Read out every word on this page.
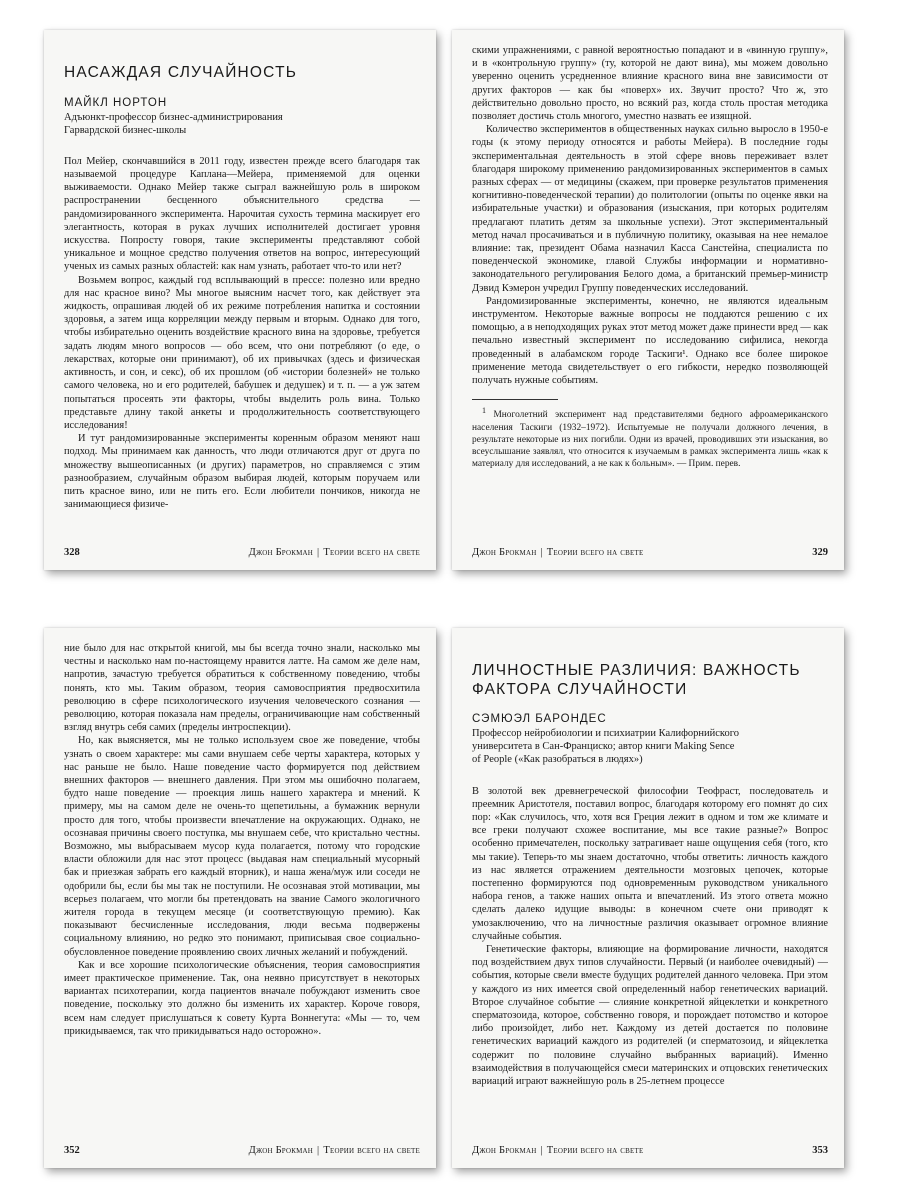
НАСАЖДАЯ СЛУЧАЙНОСТЬ
МАЙКЛ НОРТОН
Адъюнкт-профессор бизнес-администрирования
Гарвардской бизнес-школы

Пол Мейер, скончавшийся в 2011 году, известен прежде всего благодаря так называемой процедуре Каплана—Мейера, применяемой для оценки выживаемости. Однако Мейер также сыграл важнейшую роль в широком распространении бесценного объяснительного средства — рандомизированного эксперимента. Нарочитая сухость термина маскирует его элегантность, которая в руках лучших исполнителей достигает уровня искусства. Попросту говоря, такие эксперименты представляют собой уникальное и мощное средство получения ответов на вопрос, интересующий ученых из самых разных областей: как нам узнать, работает что-то или нет?

Возьмем вопрос, каждый год всплывающий в прессе: полезно или вредно для нас красное вино? Мы многое выясним насчет того, как действует эта жидкость, опрашивая людей об их режиме потребления напитка и состоянии здоровья, а затем ища корреляции между первым и вторым. Однако для того, чтобы избирательно оценить воздействие красного вина на здоровье, требуется задать людям много вопросов — обо всем, что они потребляют (о еде, о лекарствах, которые они принимают), об их привычках (здесь и физическая активность, и сон, и секс), об их прошлом (об «истории болезней» не только самого человека, но и его родителей, бабушек и дедушек) и т. п. — а уж затем попытаться просеять эти факторы, чтобы выделить роль вина. Только представьте длину такой анкеты и продолжительность соответствующего исследования!

И тут рандомизированные эксперименты коренным образом меняют наш подход. Мы принимаем как данность, что люди отличаются друг от друга по множеству вышеописанных (и других) параметров, но справляемся с этим разнообразием, случайным образом выбирая людей, которым поручаем или пить красное вино, или не пить его. Если любители пончиков, никогда не занимающиеся физиче-

328	Джон Брокман | Теории всего на свете

скими упражнениями, с равной вероятностью попадают и в «винную группу», и в «контрольную группу» (ту, которой не дают вина), мы можем довольно уверенно оценить усредненное влияние красного вина вне зависимости от других факторов — как бы «поверх» их. Звучит просто? Что ж, это действительно довольно просто, но всякий раз, когда столь простая методика позволяет достичь столь многого, уместно назвать ее изящной.

Количество экспериментов в общественных науках сильно выросло в 1950-е годы (к этому периоду относятся и работы Мейера). В последние годы экспериментальная деятельность в этой сфере вновь переживает взлет благодаря широкому применению рандомизированных экспериментов в самых разных сферах — от медицины (скажем, при проверке результатов применения когнитивно-поведенческой терапии) до политологии (опыты по оценке явки на избирательные участки) и образования (изыскания, при которых родителям предлагают платить детям за школьные успехи). Этот экспериментальный метод начал просачиваться и в публичную политику, оказывая на нее немалое влияние: так, президент Обама назначил Касса Санстейна, специалиста по поведенческой экономике, главой Службы информации и нормативно-законодательного регулирования Белого дома, а британский премьер-министр Дэвид Кэмерон учредил Группу поведенческих исследований.

Рандомизированные эксперименты, конечно, не являются идеальным инструментом. Некоторые важные вопросы не поддаются решению с их помощью, а в неподходящих руках этот метод может даже принести вред — как печально известный эксперимент по исследованию сифилиса, некогда проведенный в алабамском городе Таскиги¹. Однако все более широкое применение метода свидетельствует о его гибкости, нередко позволяющей получать нужные событиям.

1 Многолетний эксперимент над представителями бедного афроамериканского населения Таскиги (1932–1972). Испытуемые не получали должного лечения, в результате некоторые из них погибли. Одни из врачей, проводивших эти изыскания, во всеуслышание заявлял, что относится к изучаемым в рамках эксперимента лишь «как к материалу для исследований, а не как к больным». — Прим. перев.
Джон Брокман | Теории всего на свете	329

ние было для нас открытой книгой, мы бы всегда точно знали, насколько мы честны и насколько нам по-настоящему нравится латте. На самом же деле нам, напротив, зачастую требуется обратиться к собственному поведению, чтобы понять, кто мы. Таким образом, теория самовосприятия предвосхитила революцию в сфере психологического изучения человеческого сознания — революцию, которая показала нам пределы, ограничивающие нам собственный взгляд внутрь себя самих (пределы интроспекции).

Но, как выясняется, мы не только используем свое же поведение, чтобы узнать о своем характере: мы сами внушаем себе черты характера, которых у нас раньше не было. Наше поведение часто формируется под действием внешних факторов — внешнего давления. При этом мы ошибочно полагаем, будто наше поведение — проекция лишь нашего характера и мнений. К примеру, мы на самом деле не очень-то щепетильны, а бумажник вернули просто для того, чтобы произвести впечатление на окружающих. Однако, не осознавая причины своего поступка, мы внушаем себе, что кристально честны. Возможно, мы выбрасываем мусор куда полагается, потому что городские власти обложили для нас этот процесс (выдавая нам специальный мусорный бак и приезжая забрать его каждый вторник), и наша жена/муж или соседи не одобрили бы, если бы мы так не поступили. Не осознавая этой мотивации, мы всерьез полагаем, что могли бы претендовать на звание Самого экологичного жителя города в текущем месяце (и соответствующую премию). Как показывают бесчисленные исследования, люди весьма подвержены социальному влиянию, но редко это понимают, приписывая свое социально-обусловленное поведение проявлению своих личных желаний и побуждений.

Как и все хорошие психологические объяснения, теория самовосприятия имеет практическое применение. Так, она неявно присутствует в некоторых вариантах психотерапии, когда пациентов вначале побуждают изменить свое поведение, поскольку это должно бы изменить их характер. Короче говоря, всем нам следует прислушаться к совету Курта Воннегута: «Мы — то, чем прикидываемся, так что прикидываться надо осторожно».

352	Джон Брокман | Теории всего на свете
ЛИЧНОСТНЫЕ РАЗЛИЧИЯ: ВАЖНОСТЬ ФАКТОРА СЛУЧАЙНОСТИ
СЭМЮЭЛ БАРОНДЕС
Профессор нейробиологии и психиатрии Калифорнийского
университета в Сан-Франциско; автор книги Making Sence
of People («Как разобраться в людях»)

В золотой век древнегреческой философии Теофраст, последователь и преемник Аристотеля, поставил вопрос, благодаря которому его помнят до сих пор: «Как случилось, что, хотя вся Греция лежит в одном и том же климате и все греки получают схожее воспитание, мы все такие разные?» Вопрос особенно примечателен, поскольку затрагивает наше ощущения себя (того, кто мы такие). Теперь-то мы знаем достаточно, чтобы ответить: личность каждого из нас является отражением деятельности мозговых цепочек, которые постепенно формируются под одновременным руководством уникального набора генов, а также наших опыта и впечатлений. Из этого ответа можно сделать далеко идущие выводы: в конечном счете они приводят к умозаключению, что на личностные различия оказывает огромное влияние случайные события.

Генетические факторы, влияющие на формирование личности, находятся под воздействием двух типов случайности. Первый (и наиболее очевидный) — события, которые свели вместе будущих родителей данного человека. При этом у каждого из них имеется свой определенный набор генетических вариаций. Второе случайное событие — слияние конкретной яйцеклетки и конкретного сперматозоида, которое, собственно говоря, и порождает потомство и которое либо произойдет, либо нет. Каждому из детей достается по половине генетических вариаций каждого из родителей (и сперматозоид, и яйцеклетка содержит по половине случайно выбранных вариаций). Именно взаимодействия в получающейся смеси материнских и отцовских генетических вариаций играют важнейшую роль в 25-летнем процессе

Джон Брокман | Теории всего на свете	353
